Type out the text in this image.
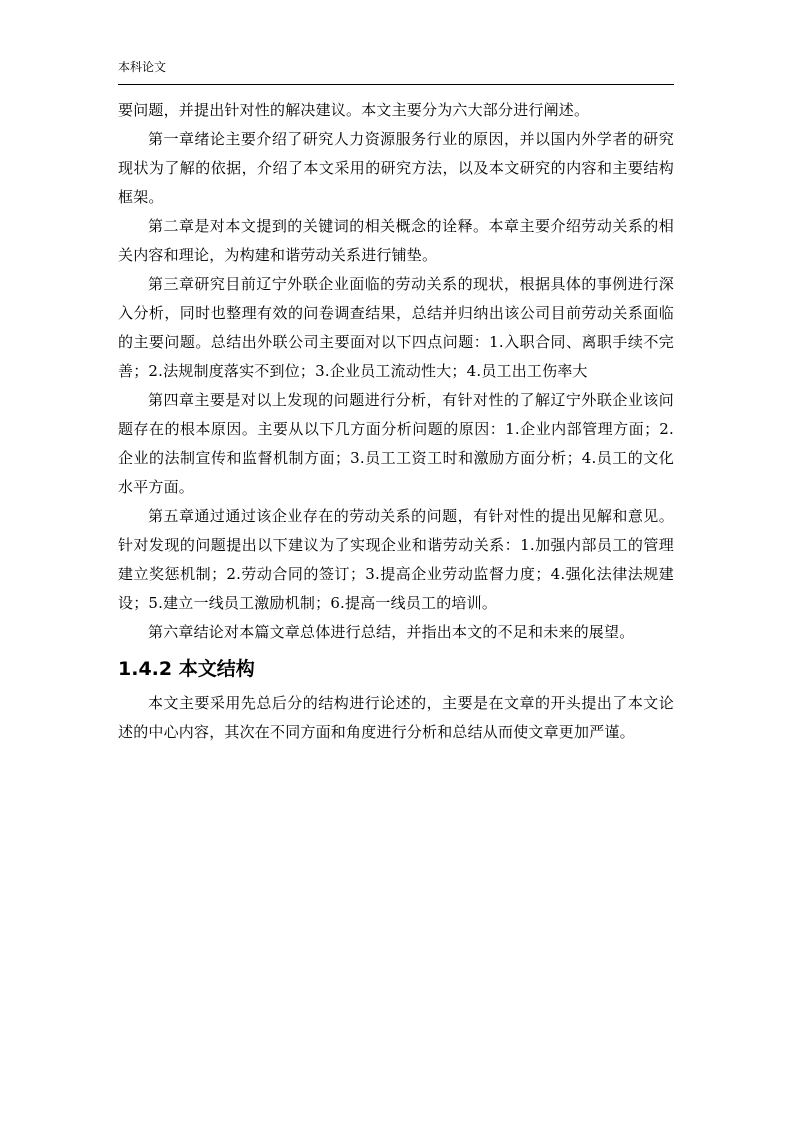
本科论文

要问题，并提出针对性的解决建议。本文主要分为六大部分进行阐述。

第一章绪论主要介绍了研究人力资源服务行业的原因，并以国内外学者的研究现状为了解的依据，介绍了本文采用的研究方法，以及本文研究的内容和主要结构框架。

第二章是对本文提到的关键词的相关概念的诠释。本章主要介绍劳动关系的相关内容和理论，为构建和谐劳动关系进行铺垫。

第三章研究目前辽宁外联企业面临的劳动关系的现状，根据具体的事例进行深入分析，同时也整理有效的问卷调查结果，总结并归纳出该公司目前劳动关系面临的主要问题。总结出外联公司主要面对以下四点问题：1.入职合同、离职手续不完善；2.法规制度落实不到位；3.企业员工流动性大；4.员工出工伤率大

第四章主要是对以上发现的问题进行分析，有针对性的了解辽宁外联企业该问题存在的根本原因。主要从以下几方面分析问题的原因：1.企业内部管理方面；2.企业的法制宣传和监督机制方面；3.员工工资工时和激励方面分析；4.员工的文化水平方面。

第五章通过通过该企业存在的劳动关系的问题，有针对性的提出见解和意见。针对发现的问题提出以下建议为了实现企业和谐劳动关系：1.加强内部员工的管理建立奖惩机制；2.劳动合同的签订；3.提高企业劳动监督力度；4.强化法律法规建设；5.建立一线员工激励机制；6.提高一线员工的培训。

第六章结论对本篇文章总体进行总结，并指出本文的不足和未来的展望。

1.4.2 本文结构

本文主要采用先总后分的结构进行论述的，主要是在文章的开头提出了本文论述的中心内容，其次在不同方面和角度进行分析和总结从而使文章更加严谨。
